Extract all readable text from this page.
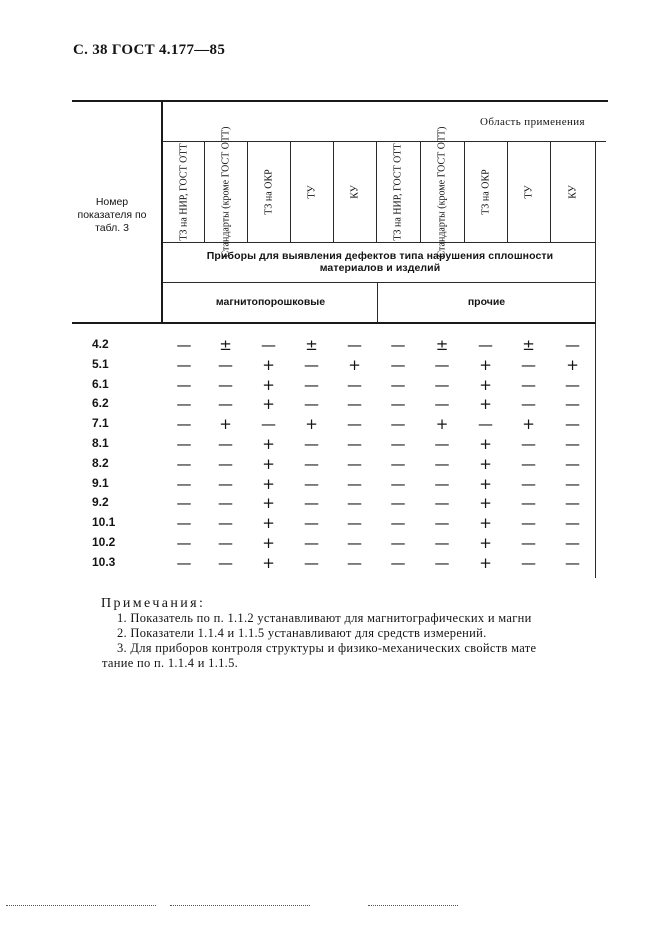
С. 38 ГОСТ 4.177—85
Область применения
Номер показателя по табл. 3	ТЗ на НИР, ГОСТ ОТТ	Стандарты (кроме ГОСТ ОТТ)	ТЗ на ОКР	ТУ	КУ	ТЗ на НИР, ГОСТ ОТТ	Стандарты (кроме ГОСТ ОТТ)	ТЗ на ОКР	ТУ	КУ
Приборы для выявления дефектов типа нарушения сплошности
материалов и изделий
магнитопорошковые	прочие
4.2	—	±	—	±	—	—	±	—	±	—
5.1	—	—	+	—	+	—	—	+	—	+
6.1	—	—	+	—	—	—	—	+	—	—
6.2	—	—	+	—	—	—	—	+	—	—
7.1	—	+	—	+	—	—	+	—	+	—
8.1	—	—	+	—	—	—	—	+	—	—
8.2	—	—	+	—	—	—	—	+	—	—
9.1	—	—	+	—	—	—	—	+	—	—
9.2	—	—	+	—	—	—	—	+	—	—
10.1	—	—	+	—	—	—	—	+	—	—
10.2	—	—	+	—	—	—	—	+	—	—
10.3	—	—	+	—	—	—	—	+	—	—
Примечания:
1. Показатель по п. 1.1.2 устанавливают для магнитографических и магни
2. Показатели 1.1.4 и 1.1.5 устанавливают для средств измерений.
3. Для приборов контроля структуры и физико-механических свойств мате
тание по п. 1.1.4 и 1.1.5.
